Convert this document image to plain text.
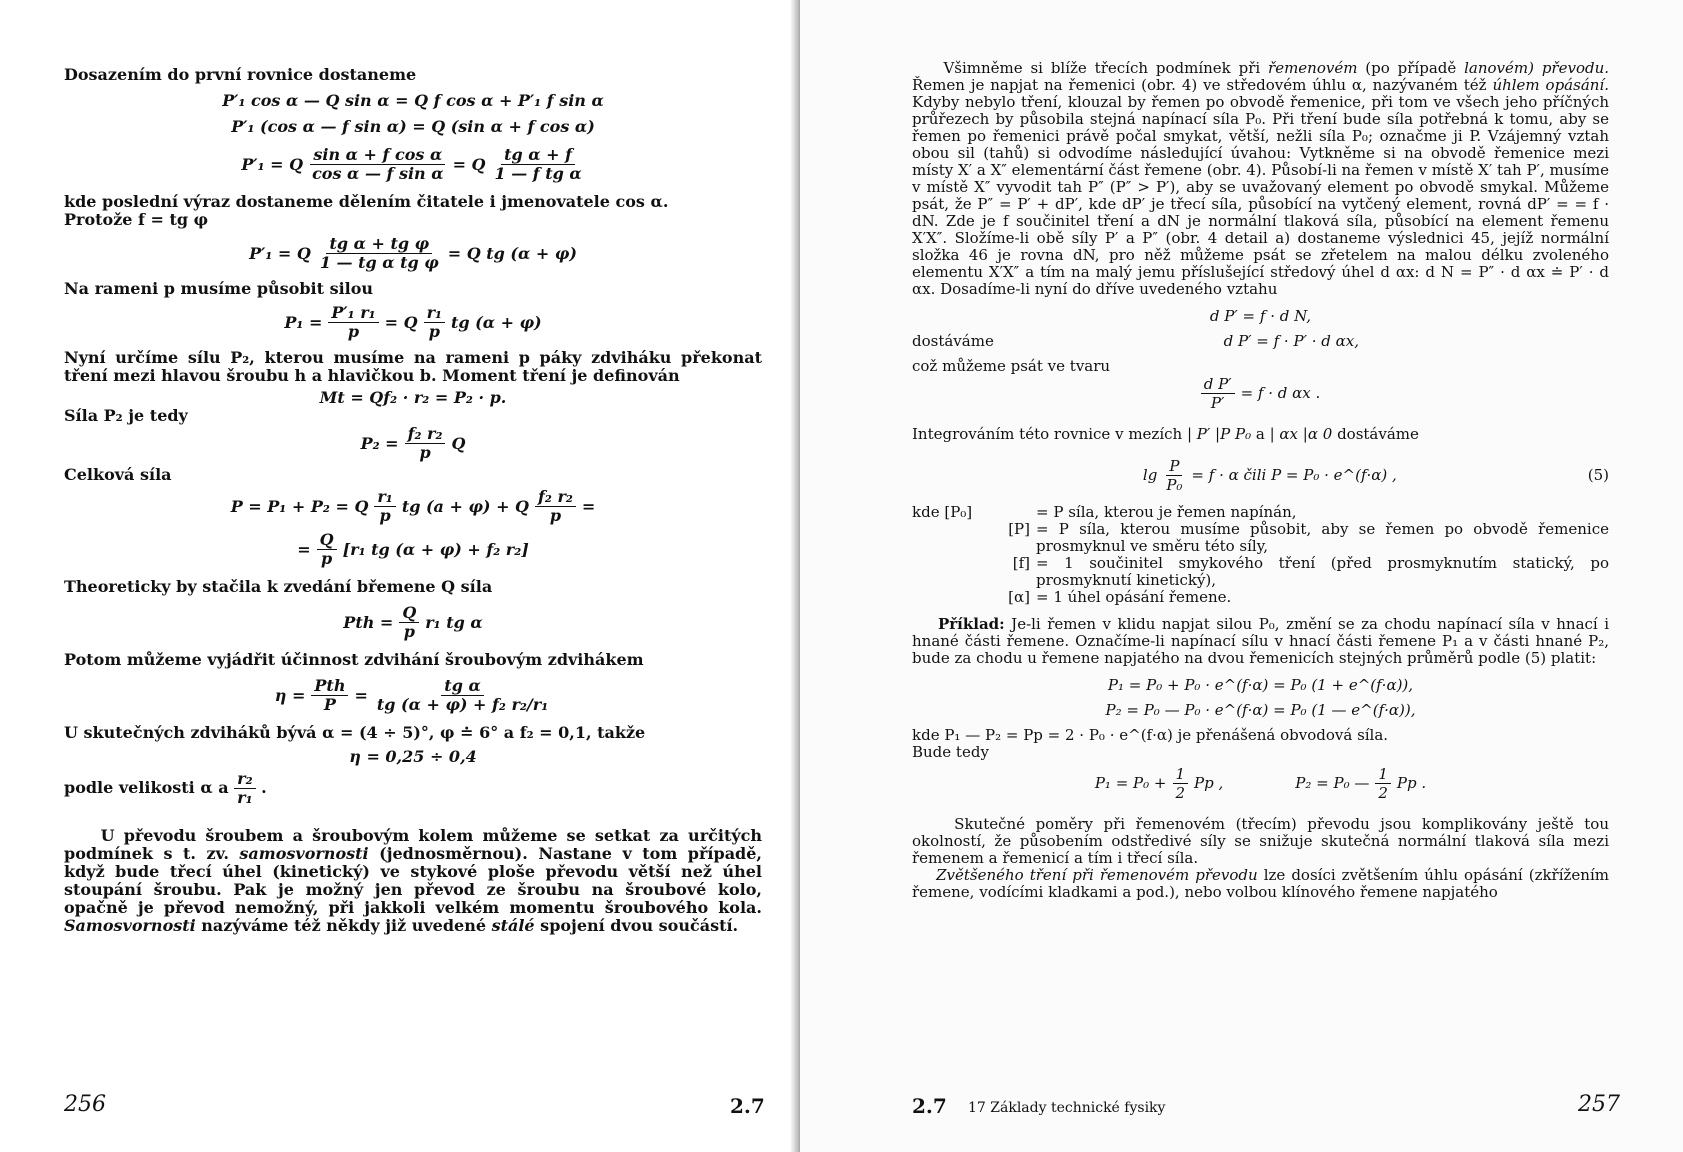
Dosazením do první rovnice dostaneme

P′₁ cos α — Q sin α = Q f cos α + P′₁ f sin α

P′₁ (cos α — f sin α) = Q (sin α + f cos α)

P′₁ = Q $\frac{\text{sin α + f cos α}}{\text{cos α — f sin α}} = Q \frac{\text{tg α + f}}{\text{1 — f tg α}}$

kde poslední výraz dostaneme dělením čitatele i jmenovatele cos α.

Protože f = tg φ

P′₁ = Q $\frac{\text{tg α + tg φ}}{\text{1 — tg α tg φ}} = Q$ tg (α + φ)

Na rameni p musíme působit silou

$P_1 = \frac{\text{P′₁ r₁}}{p} = Q \frac{\text{r₁}}{p}$ tg (α + φ)

Nyní určíme sílu P₂, kterou musíme na rameni p páky zdviháku překonat tření mezi hlavou šroubu h a hlavičkou b. Moment tření je definován

Mt = Qf₂ · r₂ = P₂ · p.

Síla P₂ je tedy

$P_2 = \frac{\text{f₂ r₂}}{p}$ Q

Celková síla

P = P₁ + P₂ = Q $\frac{\text{r₁}}{p}$ tg (a + φ) + Q $\frac{\text{f₂ r₂}}{p}$ =
= $\frac{Q}{p} [r_1$ tg (α + φ) + f₂ r₂]

Theoreticky by stačila k zvedání břemene Q síla

Pth = $\frac{Q}{p} r_1$ tg α

Potom můžeme vyjádřit účinnost zdvihání šroubovým zdvihákem

$\eta = \frac{\text{Pth}}{P} = \frac{\text{tg α}}{\text{tg (α + φ) + f₂ r₂/r₁}}$

U skutečných zdviháků bývá α = (4 ÷ 5)°, φ ≐ 6° a f₂ = 0,1, takže

η = 0,25 ÷ 0,4

podle velikosti α a $\frac{\text{r₂}}{\text{r₁}}$ .

U převodu šroubem a šroubovým kolem můžeme se setkat za určitých podmínek s t. zv. samosvornosti (jednosměrnou). Nastane v tom případě, když bude třecí úhel (kinetický) ve stykové ploše převodu větší než úhel stoupání šroubu. Pak je možný jen převod ze šroubu na šroubové kolo, opačně je převod nemožný, při jakkoli velkém momentu šroubového kola. Samosvornosti nazýváme též někdy již uvedené stálé spojení dvou součástí.

256	2.7

Všimněme si blíže třecích podmínek při řemenovém (po případě lanovém) převodu. Řemen je napjat na řemenici (obr. 4) ve středovém úhlu α, nazývaném též úhlem opásání. Kdyby nebylo tření, klouzal by řemen po obvodě řemenice, při tom ve všech jeho příčných průřezech by působila stejná napínací síla P₀. Při tření bude síla potřebná k tomu, aby se řemen po řemenici právě počal smykat, větší, nežli síla P₀; označme ji P. Vzájemný vztah obou sil (tahů) si odvodíme následující úvahou: Vytkněme si na obvodě řemenice mezi místy X′ a X″ elementární část řemene (obr. 4). Působí-li na řemen v místě X′ tah P′, musíme v místě X″ vyvodit tah P″ (P″ > P′), aby se uvažovaný element po obvodě smykal. Můžeme psát, že P″ = P′ + dP′, kde dP′ je třecí síla, působící na vytčený element, rovná dP′ = = f · dN. Zde je f součinitel tření a dN je normální tlaková síla, působící na element řemenu X′X″. Složíme-li obě síly P′ a P″ (obr. 4 detail a) dostaneme výslednici 45, jejíž normální složka 46 je rovna dN, pro něž můžeme psát se zřetelem na malou délku zvoleného elementu X′X″ a tím na malý jemu příslušející středový úhel d αx: d N = P″ · d αx ≐ P′ · d αx. Dosadíme-li nyní do dříve uvedeného vztahu

d P′ = f · d N,

dostáváme	d P′ = f · P′ · d αx,

což můžeme psát ve tvaru

$\frac{\text{d P′}}{P'} = f \cdot d$ αx .

Integrováním této rovnice v mezích | P′ |P P₀ a | αx |α 0 dostáváme

$\lg \frac{P}{\text{P₀}} = f \cdot \alpha$ čili P = P₀ · e^(f·α) ,	(5)
kde [P₀]	= P síla, kterou je řemen napínán,
[P] = P síla, kterou musíme působit, aby se řemen po obvodě řemenice prosmyknul ve směru této síly,
[f] = 1 součinitel smykového tření (před prosmyknutím statický, po prosmyknutí kinetický),
[α] = 1 úhel opásání řemene.

Příklad: Je-li řemen v klidu napjat silou P₀, změní se za chodu napínací síla v hnací i hnané části řemene. Označíme-li napínací sílu v hnací části řemene P₁ a v části hnané P₂, bude za chodu u řemene napjatého na dvou řemenicích stejných průměrů podle (5) platit:

P₁ = P₀ + P₀ · e^(f·α) = P₀ (1 + e^(f·α)),

P₂ = P₀ — P₀ · e^(f·α) = P₀ (1 — e^(f·α)),

kde P₁ — P₂ = Pp = 2 · P₀ · e^(f·α) je přenášená obvodová síla.

Bude tedy

$P_1 = P_0 + \frac{1}{2}$ Pp ,	P₂ = P₀ — $\frac{1}{2}$ Pp .

Skutečné poměry při řemenovém (třecím) převodu jsou komplikovány ještě tou okolností, že působením odstředivé síly se snižuje skutečná normální tlaková síla mezi řemenem a řemenicí a tím i třecí síla.

Zvětšeného tření při řemenovém převodu lze dosíci zvětšením úhlu opásání (zkřížením řemene, vodícími kladkami a pod.), nebo volbou klínového řemene napjatého

2.7 17 Základy technické fysiky	257
